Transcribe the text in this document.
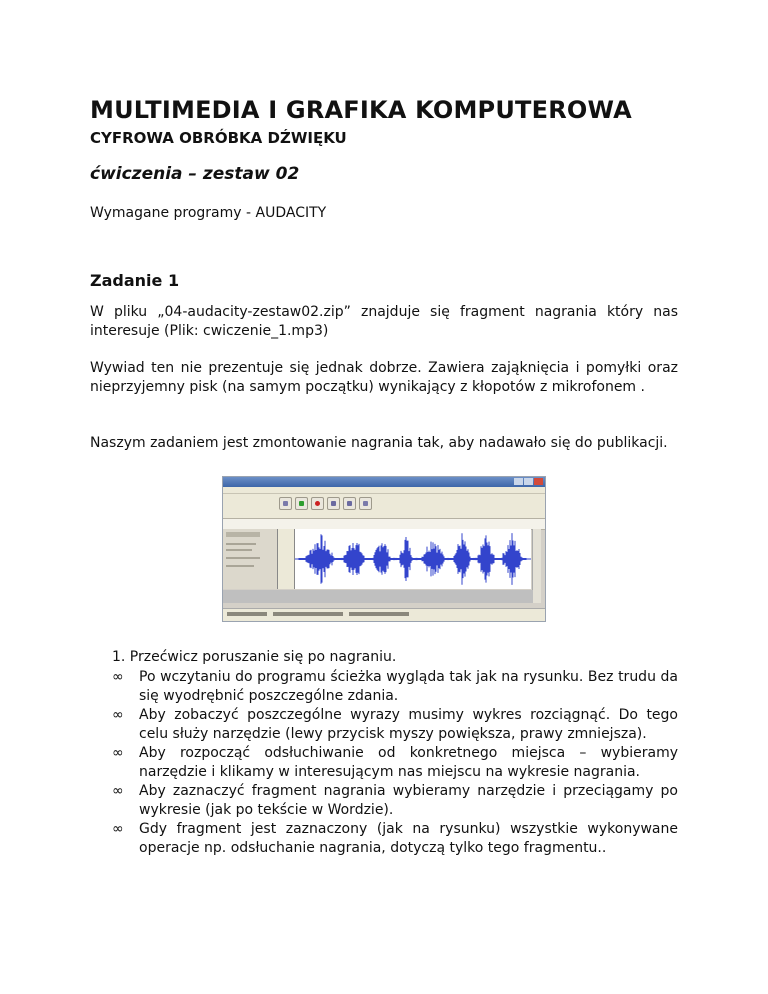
MULTIMEDIA I GRAFIKA KOMPUTEROWA
CYFROWA OBRÓBKA DŹWIĘKU
ćwiczenia – zestaw 02
Wymagane programy - AUDACITY
Zadanie 1
W pliku „04-audacity-zestaw02.zip” znajduje się fragment nagrania który nas interesuje (Plik: cwiczenie_1.mp3)
Wywiad ten nie prezentuje się jednak dobrze. Zawiera zająknięcia i pomyłki oraz nieprzyjemny pisk (na samym początku) wynikający z kłopotów z mikrofonem .
Naszym zadaniem jest zmontowanie nagrania tak, aby nadawało się do publikacji.
1. Przećwicz poruszanie się po nagraniu.
∞ Po wczytaniu do programu ścieżka wygląda tak jak na rysunku. Bez trudu da się wyodrębnić poszczególne zdania.
∞ Aby zobaczyć poszczególne wyrazy musimy wykres rozciągnąć. Do tego celu służy narzędzie (lewy przycisk myszy powiększa, prawy zmniejsza).
∞ Aby rozpocząć odsłuchiwanie od konkretnego miejsca – wybieramy narzędzie i klikamy w interesującym nas miejscu na wykresie nagrania.
∞ Aby zaznaczyć fragment nagrania wybieramy narzędzie i przeciągamy po wykresie (jak po tekście w Wordzie).
∞ Gdy fragment jest zaznaczony (jak na rysunku) wszystkie wykonywane operacje np. odsłuchanie nagrania, dotyczą tylko tego fragmentu..
